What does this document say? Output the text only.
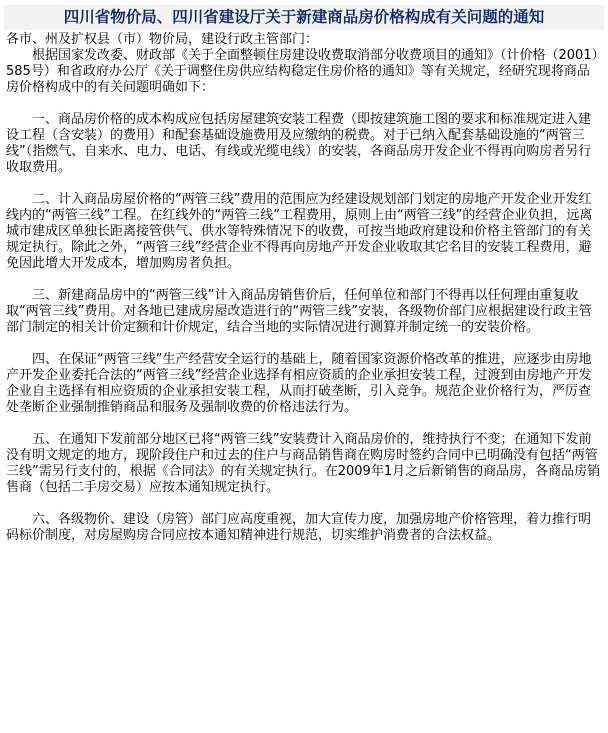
四川省物价局、四川省建设厅关于新建商品房价格构成有关问题的通知

各市、州及扩权县（市）物价局，建设行政主管部门：

根据国家发改委、财政部《关于全面整顿住房建设收费取消部分收费项目的通知》（计价格（2001）585号）和省政府办公厅《关于调整住房供应结构稳定住房价格的通知》等有关规定，经研究现将商品房价格构成中的有关问题明确如下：

一、商品房价格的成本构成应包括房屋建筑安装工程费（即按建筑施工图的要求和标准规定进入建设工程（含安装）的费用）和配套基础设施费用及应缴纳的税费。对于已纳入配套基础设施的“两管三线”（指燃气、自来水、电力、电话、有线或光缆电线）的安装，各商品房开发企业不得再向购房者另行收取费用。

二、计入商品房屋价格的“两管三线”费用的范围应为经建设规划部门划定的房地产开发企业开发红线内的“两管三线”工程。在红线外的“两管三线”工程费用，原则上由“两管三线”的经营企业负担，远离城市建成区单独长距离接管供气、供水等特殊情况下的收费，可按当地政府建设和价格主管部门的有关规定执行。除此之外，“两管三线”经营企业不得再向房地产开发企业收取其它名目的安装工程费用，避免因此增大开发成本，增加购房者负担。

三、新建商品房中的“两管三线”计入商品房销售价后，任何单位和部门不得再以任何理由重复收取“两管三线”费用。对各地已建成房屋改造进行的“两管三线”安装，各级物价部门应根据建设行政主管部门制定的相关计价定额和计价规定，结合当地的实际情况进行测算并制定统一的安装价格。

四、在保证“两管三线”生产经营安全运行的基础上，随着国家资源价格改革的推进，应逐步由房地产开发企业委托合法的“两管三线”经营企业选择有相应资质的企业承担安装工程，过渡到由房地产开发企业自主选择有相应资质的企业承担安装工程，从而打破垄断，引入竞争。规范企业价格行为，严厉查处垄断企业强制推销商品和服务及强制收费的价格违法行为。

五、在通知下发前部分地区已将“两管三线”安装费计入商品房价的，维持执行不变；在通知下发前没有明文规定的地方，现阶段住户和过去的住户与商品销售商在购房时签约合同中已明确没有包括“两管三线”需另行支付的，根据《合同法》的有关规定执行。在2009年1月之后新销售的商品房，各商品房销售商（包括二手房交易）应按本通知规定执行。

六、各级物价、建设（房管）部门应高度重视，加大宣传力度，加强房地产价格管理，着力推行明码标价制度，对房屋购房合同应按本通知精神进行规范，切实维护消费者的合法权益。
